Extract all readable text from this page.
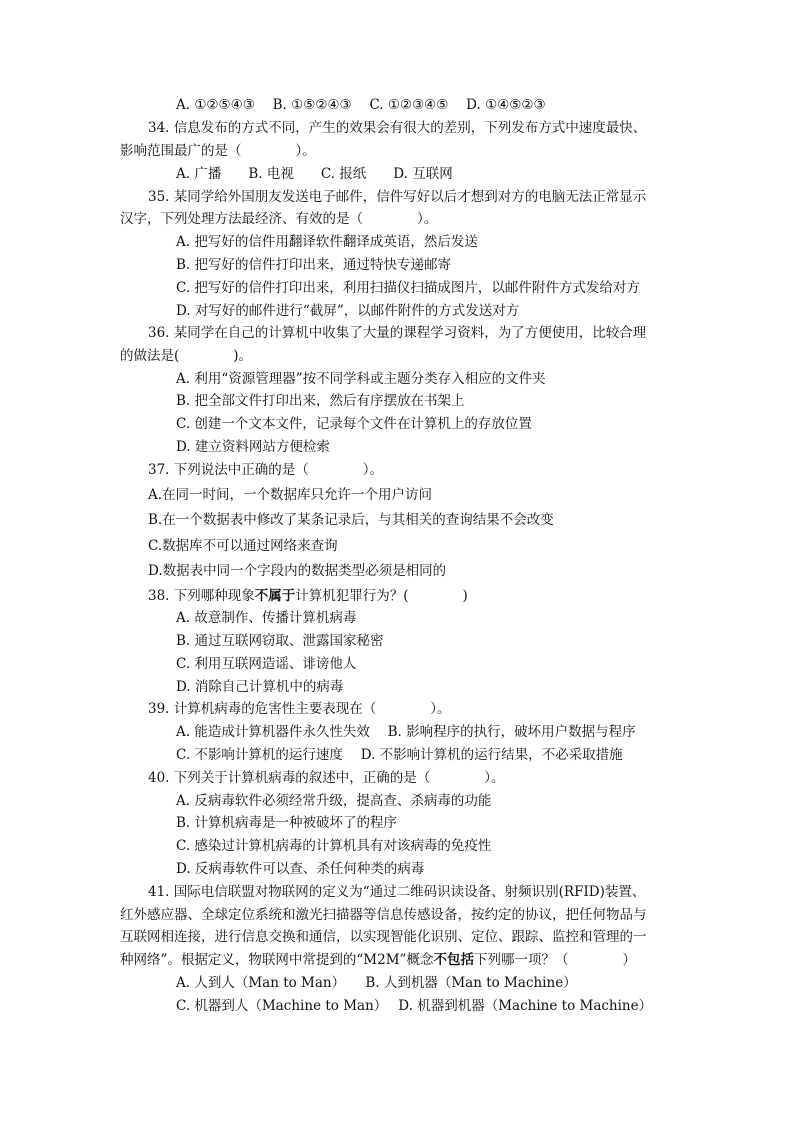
A. ①②⑤④③　 B. ①⑤②④③　 C. ①②③④⑤　 D. ①④⑤②③
34. 信息发布的方式不同，产生的效果会有很大的差别，下列发布方式中速度最快、
影响范围最广的是（　　　　）。
A. 广播　　B. 电视　　C. 报纸　　D. 互联网
35. 某同学给外国朋友发送电子邮件，信件写好以后才想到对方的电脑无法正常显示
汉字，下列处理方法最经济、有效的是（　　　　）。
A. 把写好的信件用翻译软件翻译成英语，然后发送
B. 把写好的信件打印出来，通过特快专递邮寄
C. 把写好的信件打印出来，利用扫描仪扫描成图片，以邮件附件方式发给对方
D. 对写好的邮件进行“截屏”，以邮件附件的方式发送对方
36. 某同学在自己的计算机中收集了大量的课程学习资料，为了方便使用，比较合理
的做法是(　　　　)。
A. 利用“资源管理器”按不同学科或主题分类存入相应的文件夹
B. 把全部文件打印出来，然后有序摆放在书架上
C. 创建一个文本文件，记录每个文件在计算机上的存放位置
D. 建立资料网站方便检索
37. 下列说法中正确的是（　　　　）。
A.在同一时间，一个数据库只允许一个用户访问
B.在一个数据表中修改了某条记录后，与其相关的查询结果不会改变
C.数据库不可以通过网络来查询
D.数据表中同一个字段内的数据类型必须是相同的
38. 下列哪种现象不属于计算机犯罪行为？(　　　　)
A. 故意制作、传播计算机病毒
B. 通过互联网窃取、泄露国家秘密
C. 利用互联网造谣、诽谤他人
D. 消除自己计算机中的病毒
39. 计算机病毒的危害性主要表现在（　　　　）。
A. 能造成计算机器件永久性失效　 B. 影响程序的执行，破坏用户数据与程序
C. 不影响计算机的运行速度　 D. 不影响计算机的运行结果，不必采取措施
40. 下列关于计算机病毒的叙述中，正确的是（　　　　）。
A. 反病毒软件必须经常升级，提高查、杀病毒的功能
B. 计算机病毒是一种被破坏了的程序
C. 感染过计算机病毒的计算机具有对该病毒的免疫性
D. 反病毒软件可以查、杀任何种类的病毒
41. 国际电信联盟对物联网的定义为“通过二维码识读设备、射频识别(RFID)装置、
红外感应器、全球定位系统和激光扫描器等信息传感设备，按约定的协议，把任何物品与
互联网相连接，进行信息交换和通信，以实现智能化识别、定位、跟踪、监控和管理的一
种网络”。根据定义，物联网中常提到的“M2M”概念不包括下列哪一项？（　　　　）
A. 人到人（Man to Man）　　B. 人到机器（Man to Machine）
C. 机器到人（Machine to Man）　 D. 机器到机器（Machine to Machine）
